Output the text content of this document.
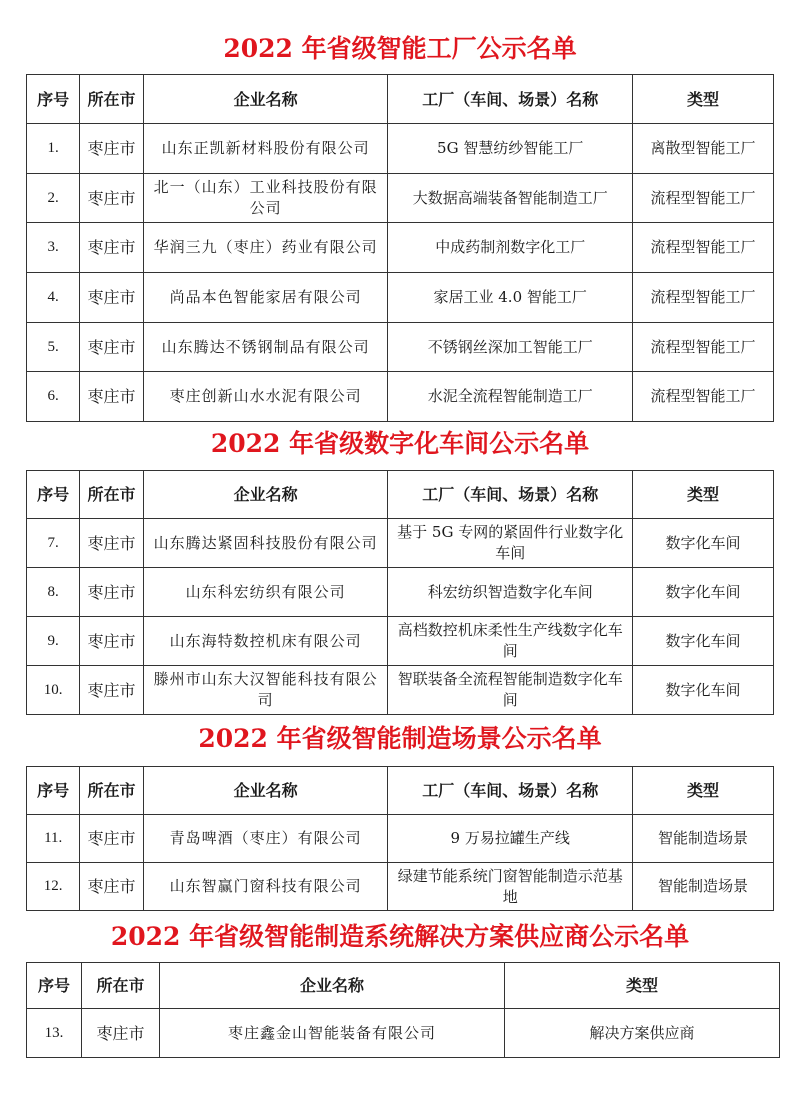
2022 年省级智能工厂公示名单
序号	所在市	企业名称	工厂（车间、场景）名称	类型
1.	枣庄市	山东正凯新材料股份有限公司	5G 智慧纺纱智能工厂	离散型智能工厂
2.	枣庄市	北一（山东）工业科技股份有限公司	大数据高端装备智能制造工厂	流程型智能工厂
3.	枣庄市	华润三九（枣庄）药业有限公司	中成药制剂数字化工厂	流程型智能工厂
4.	枣庄市	尚品本色智能家居有限公司	家居工业 4.0 智能工厂	流程型智能工厂
5.	枣庄市	山东腾达不锈钢制品有限公司	不锈钢丝深加工智能工厂	流程型智能工厂
6.	枣庄市	枣庄创新山水水泥有限公司	水泥全流程智能制造工厂	流程型智能工厂
2022 年省级数字化车间公示名单
序号	所在市	企业名称	工厂（车间、场景）名称	类型
7.	枣庄市	山东腾达紧固科技股份有限公司	基于 5G 专网的紧固件行业数字化车间	数字化车间
8.	枣庄市	山东科宏纺织有限公司	科宏纺织智造数字化车间	数字化车间
9.	枣庄市	山东海特数控机床有限公司	高档数控机床柔性生产线数字化车间	数字化车间
10.	枣庄市	滕州市山东大汉智能科技有限公司	智联装备全流程智能制造数字化车间	数字化车间
2022 年省级智能制造场景公示名单
序号	所在市	企业名称	工厂（车间、场景）名称	类型
11.	枣庄市	青岛啤酒（枣庄）有限公司	9 万易拉罐生产线	智能制造场景
12.	枣庄市	山东智赢门窗科技有限公司	绿建节能系统门窗智能制造示范基地	智能制造场景
2022 年省级智能制造系统解决方案供应商公示名单
序号	所在市	企业名称	类型
13.	枣庄市	枣庄鑫金山智能装备有限公司	解决方案供应商
